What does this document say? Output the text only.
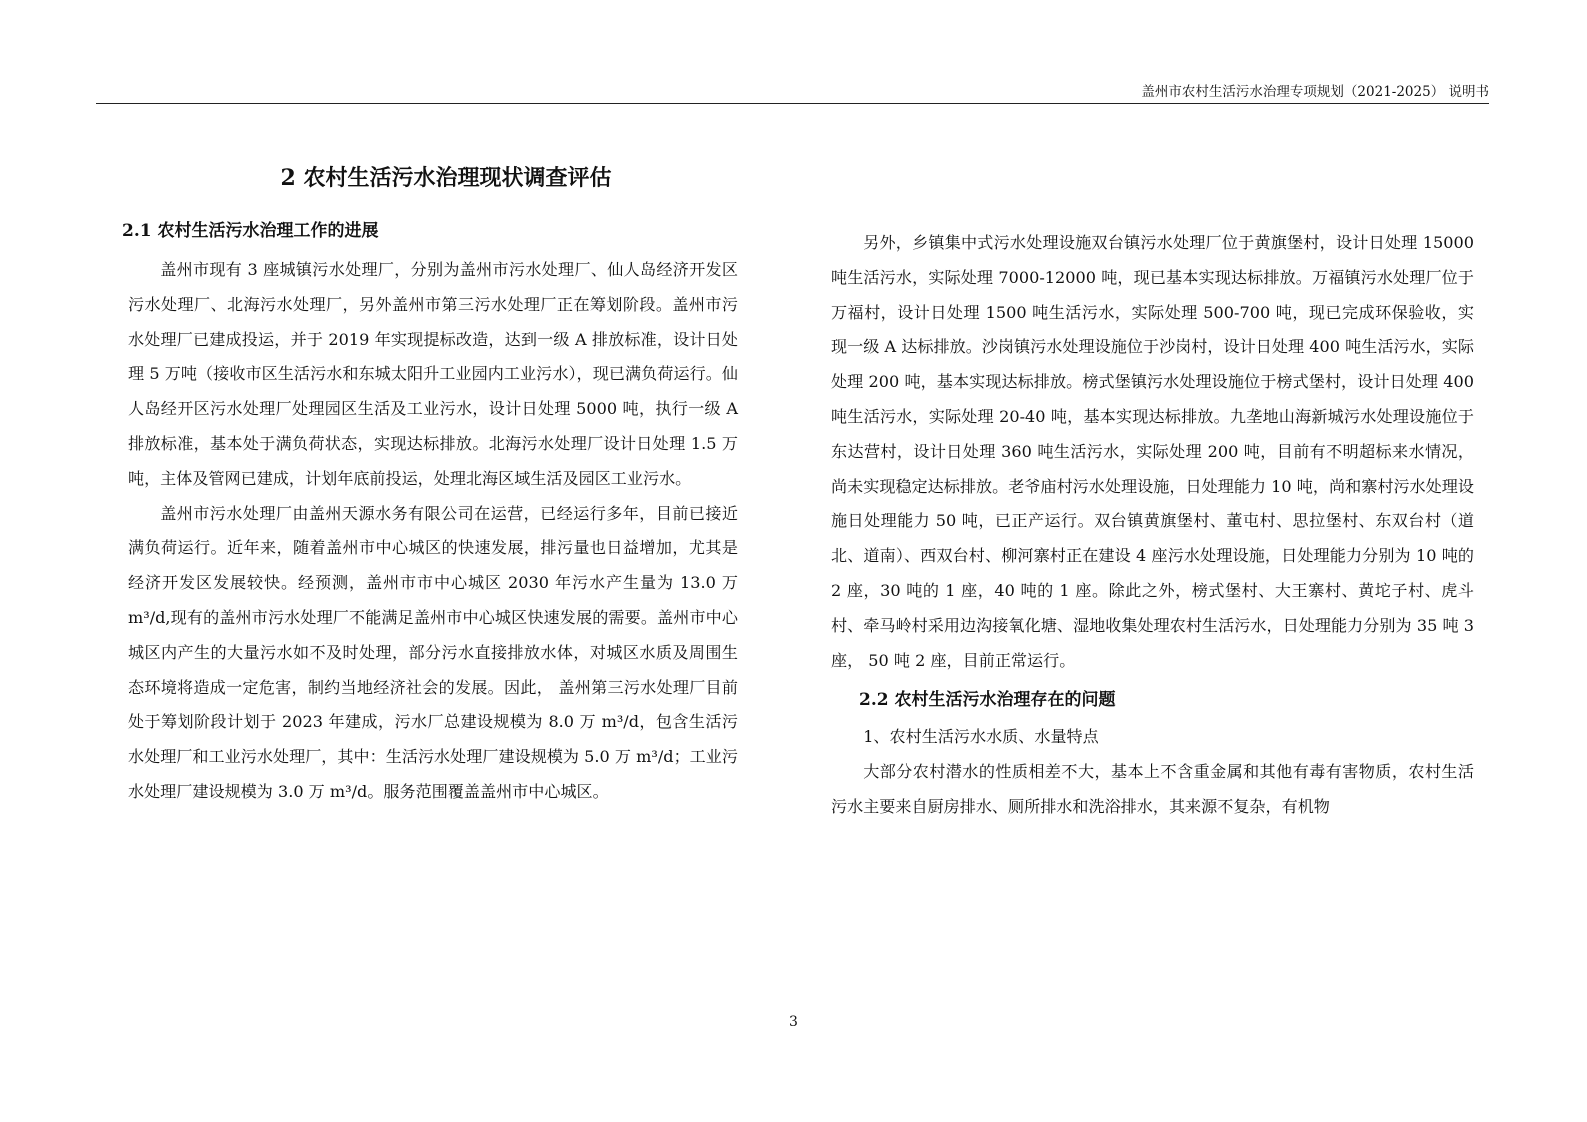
盖州市农村生活污水治理专项规划（2021-2025） 说明书
2 农村生活污水治理现状调查评估
2.1 农村生活污水治理工作的进展

盖州市现有 3 座城镇污水处理厂，分别为盖州市污水处理厂、仙人岛经济开发区污水处理厂、北海污水处理厂，另外盖州市第三污水处理厂正在筹划阶段。盖州市污水处理厂已建成投运，并于 2019 年实现提标改造，达到一级 A 排放标准，设计日处理 5 万吨（接收市区生活污水和东城太阳升工业园内工业污水），现已满负荷运行。仙人岛经开区污水处理厂处理园区生活及工业污水，设计日处理 5000 吨，执行一级 A 排放标准，基本处于满负荷状态，实现达标排放。北海污水处理厂设计日处理 1.5 万吨，主体及管网已建成，计划年底前投运，处理北海区域生活及园区工业污水。

盖州市污水处理厂由盖州天源水务有限公司在运营，已经运行多年，目前已接近满负荷运行。近年来，随着盖州市中心城区的快速发展，排污量也日益增加，尤其是经济开发区发展较快。经预测，盖州市市中心城区 2030 年污水产生量为 13.0 万 m³/d,现有的盖州市污水处理厂不能满足盖州市中心城区快速发展的需要。盖州市中心城区内产生的大量污水如不及时处理，部分污水直接排放水体，对城区水质及周围生态环境将造成一定危害，制约当地经济社会的发展。因此， 盖州第三污水处理厂目前处于筹划阶段计划于 2023 年建成，污水厂总建设规模为 8.0 万 m³/d，包含生活污水处理厂和工业污水处理厂，其中：生活污水处理厂建设规模为 5.0 万 m³/d；工业污水处理厂建设规模为 3.0 万 m³/d。服务范围覆盖盖州市中心城区。

另外，乡镇集中式污水处理设施双台镇污水处理厂位于黄旗堡村，设计日处理 15000 吨生活污水，实际处理 7000-12000 吨，现已基本实现达标排放。万福镇污水处理厂位于万福村，设计日处理 1500 吨生活污水，实际处理 500-700 吨，现已完成环保验收，实现一级 A 达标排放。沙岗镇污水处理设施位于沙岗村，设计日处理 400 吨生活污水，实际处理 200 吨，基本实现达标排放。榜式堡镇污水处理设施位于榜式堡村，设计日处理 400 吨生活污水，实际处理 20-40 吨，基本实现达标排放。九垄地山海新城污水处理设施位于东达营村，设计日处理 360 吨生活污水，实际处理 200 吨，目前有不明超标来水情况，尚未实现稳定达标排放。老爷庙村污水处理设施，日处理能力 10 吨，尚和寨村污水处理设施日处理能力 50 吨，已正产运行。双台镇黄旗堡村、董屯村、思拉堡村、东双台村（道北、道南）、西双台村、柳河寨村正在建设 4 座污水处理设施，日处理能力分别为 10 吨的 2 座，30 吨的 1 座，40 吨的 1 座。除此之外，榜式堡村、大王寨村、黄坨子村、虎斗村、牵马岭村采用边沟接氧化塘、湿地收集处理农村生活污水，日处理能力分别为 35 吨 3 座， 50 吨 2 座，目前正常运行。

2.2 农村生活污水治理存在的问题

1、农村生活污水水质、水量特点

大部分农村潜水的性质相差不大，基本上不含重金属和其他有毒有害物质，农村生活污水主要来自厨房排水、厕所排水和洗浴排水，其来源不复杂，有机物

3
